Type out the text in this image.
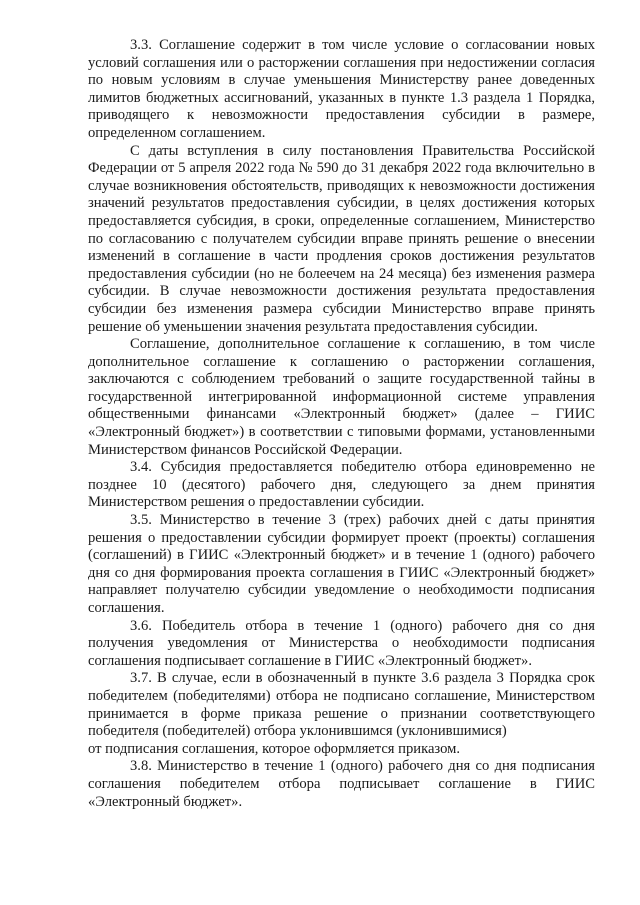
3.3. Соглашение содержит в том числе условие о согласовании новых условий соглашения или о расторжении соглашения при недостижении согласия по новым условиям в случае уменьшения Министерству ранее доведенных лимитов бюджетных ассигнований, указанных в пункте 1.3 раздела 1 Порядка, приводящего к невозможности предоставления субсидии в размере, определенном соглашением.

С даты вступления в силу постановления Правительства Российской Федерации от 5 апреля 2022 года № 590 до 31 декабря 2022 года включительно в случае возникновения обстоятельств, приводящих к невозможности достижения значений результатов предоставления субсидии, в целях достижения которых предоставляется субсидия, в сроки, определенные соглашением, Министерство по согласованию с получателем субсидии вправе принять решение о внесении изменений в соглашение в части продления сроков достижения результатов предоставления субсидии (но не болеечем на 24 месяца) без изменения размера субсидии. В случае невозможности достижения результата предоставления субсидии без изменения размера субсидии Министерство вправе принять решение об уменьшении значения результата предоставления субсидии.

Соглашение, дополнительное соглашение к соглашению, в том числе дополнительное соглашение к соглашению о расторжении соглашения, заключаются с соблюдением требований о защите государственной тайны в государственной интегрированной информационной системе управления общественными финансами «Электронный бюджет» (далее – ГИИС «Электронный бюджет») в соответствии с типовыми формами, установленными Министерством финансов Российской Федерации.

3.4. Субсидия предоставляется победителю отбора единовременно не позднее 10 (десятого) рабочего дня, следующего за днем принятия Министерством решения о предоставлении субсидии.

3.5. Министерство в течение 3 (трех) рабочих дней с даты принятия решения о предоставлении субсидии формирует проект (проекты) соглашения (соглашений) в ГИИС «Электронный бюджет» и в течение 1 (одного) рабочего дня со дня формирования проекта соглашения в ГИИС «Электронный бюджет» направляет получателю субсидии уведомление о необходимости подписания соглашения.

3.6. Победитель отбора в течение 1 (одного) рабочего дня со дня получения уведомления от Министерства о необходимости подписания соглашения подписывает соглашение в ГИИС «Электронный бюджет».

3.7. В случае, если в обозначенный в пункте 3.6 раздела 3 Порядка срок победителем (победителями) отбора не подписано соглашение, Министерством принимается в форме приказа решение о признании соответствующего победителя (победителей) отбора уклонившимся (уклонившимися)

от подписания соглашения, которое оформляется приказом.

3.8. Министерство в течение 1 (одного) рабочего дня со дня подписания соглашения победителем отбора подписывает соглашение в ГИИС «Электронный бюджет».
